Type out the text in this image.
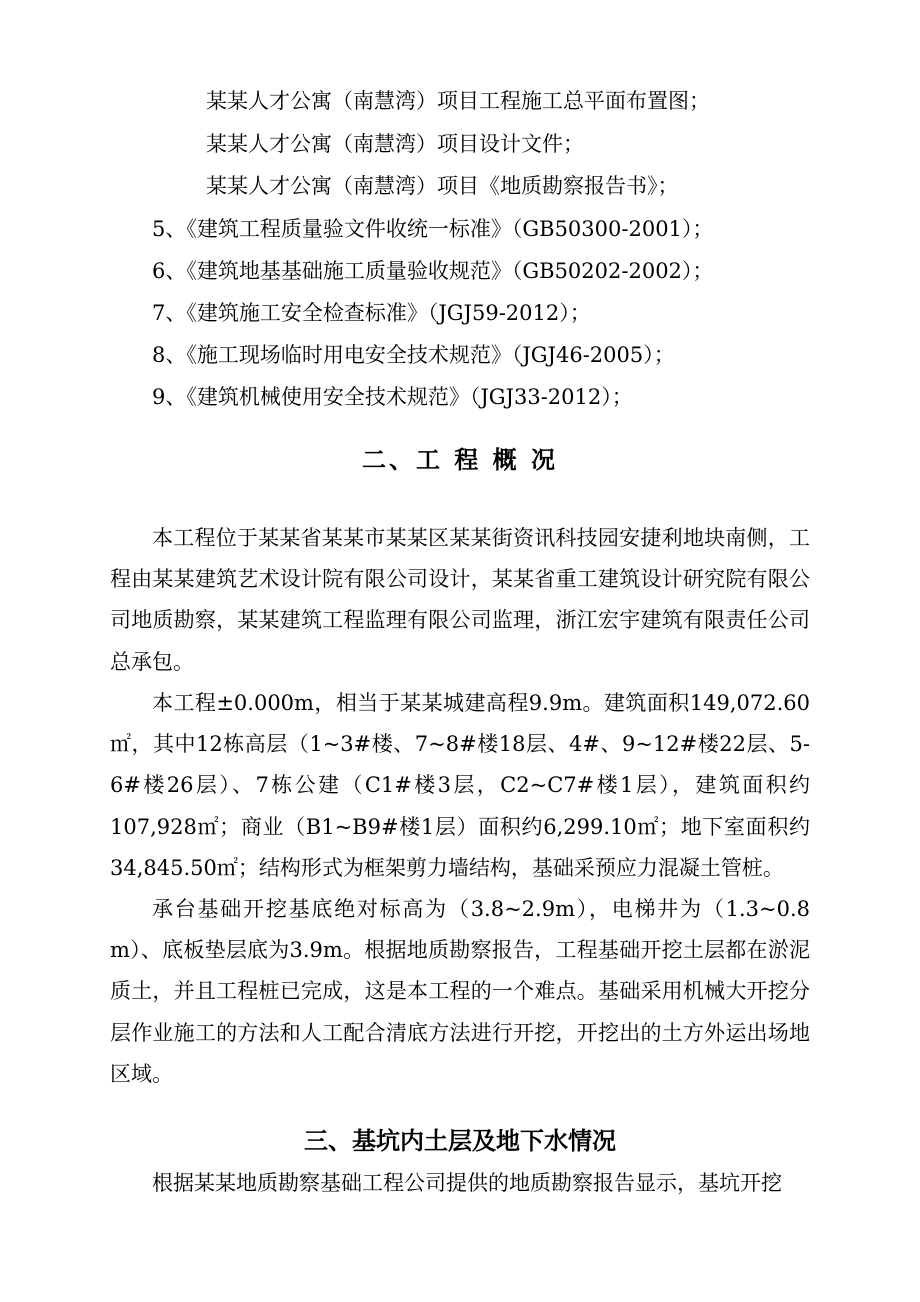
某某人才公寓（南慧湾）项目工程施工总平面布置图；
某某人才公寓（南慧湾）项目设计文件；
某某人才公寓（南慧湾）项目《地质勘察报告书》；
5、《建筑工程质量验文件收统一标准》（GB50300-2001）；
6、《建筑地基基础施工质量验收规范》（GB50202-2002）；
7、《建筑施工安全检查标准》（JGJ59-2012）；
8、《施工现场临时用电安全技术规范》（JGJ46-2005）；
9、《建筑机械使用安全技术规范》（JGJ33-2012）；
二、工 程 概 况
本工程位于某某省某某市某某区某某街资讯科技园安捷利地块南侧，工程由某某建筑艺术设计院有限公司设计，某某省重工建筑设计研究院有限公司地质勘察，某某建筑工程监理有限公司监理，浙江宏宇建筑有限责任公司总承包。
本工程±0.000m，相当于某某城建高程9.9m。建筑面积149,072.60㎡，其中12栋高层（1~3#楼、7~8#楼18层、4#、9~12#楼22层、5-6#楼26层）、7栋公建（C1#楼3层，C2~C7#楼1层），建筑面积约107,928㎡；商业（B1~B9#楼1层）面积约6,299.10㎡；地下室面积约34,845.50㎡；结构形式为框架剪力墙结构，基础采预应力混凝土管桩。
承台基础开挖基底绝对标高为（3.8~2.9m），电梯井为（1.3~0.8 m）、底板垫层底为3.9m。根据地质勘察报告，工程基础开挖土层都在淤泥质土，并且工程桩已完成，这是本工程的一个难点。基础采用机械大开挖分层作业施工的方法和人工配合清底方法进行开挖，开挖出的土方外运出场地区域。
三、基坑内土层及地下水情况
根据某某地质勘察基础工程公司提供的地质勘察报告显示，基坑开挖
